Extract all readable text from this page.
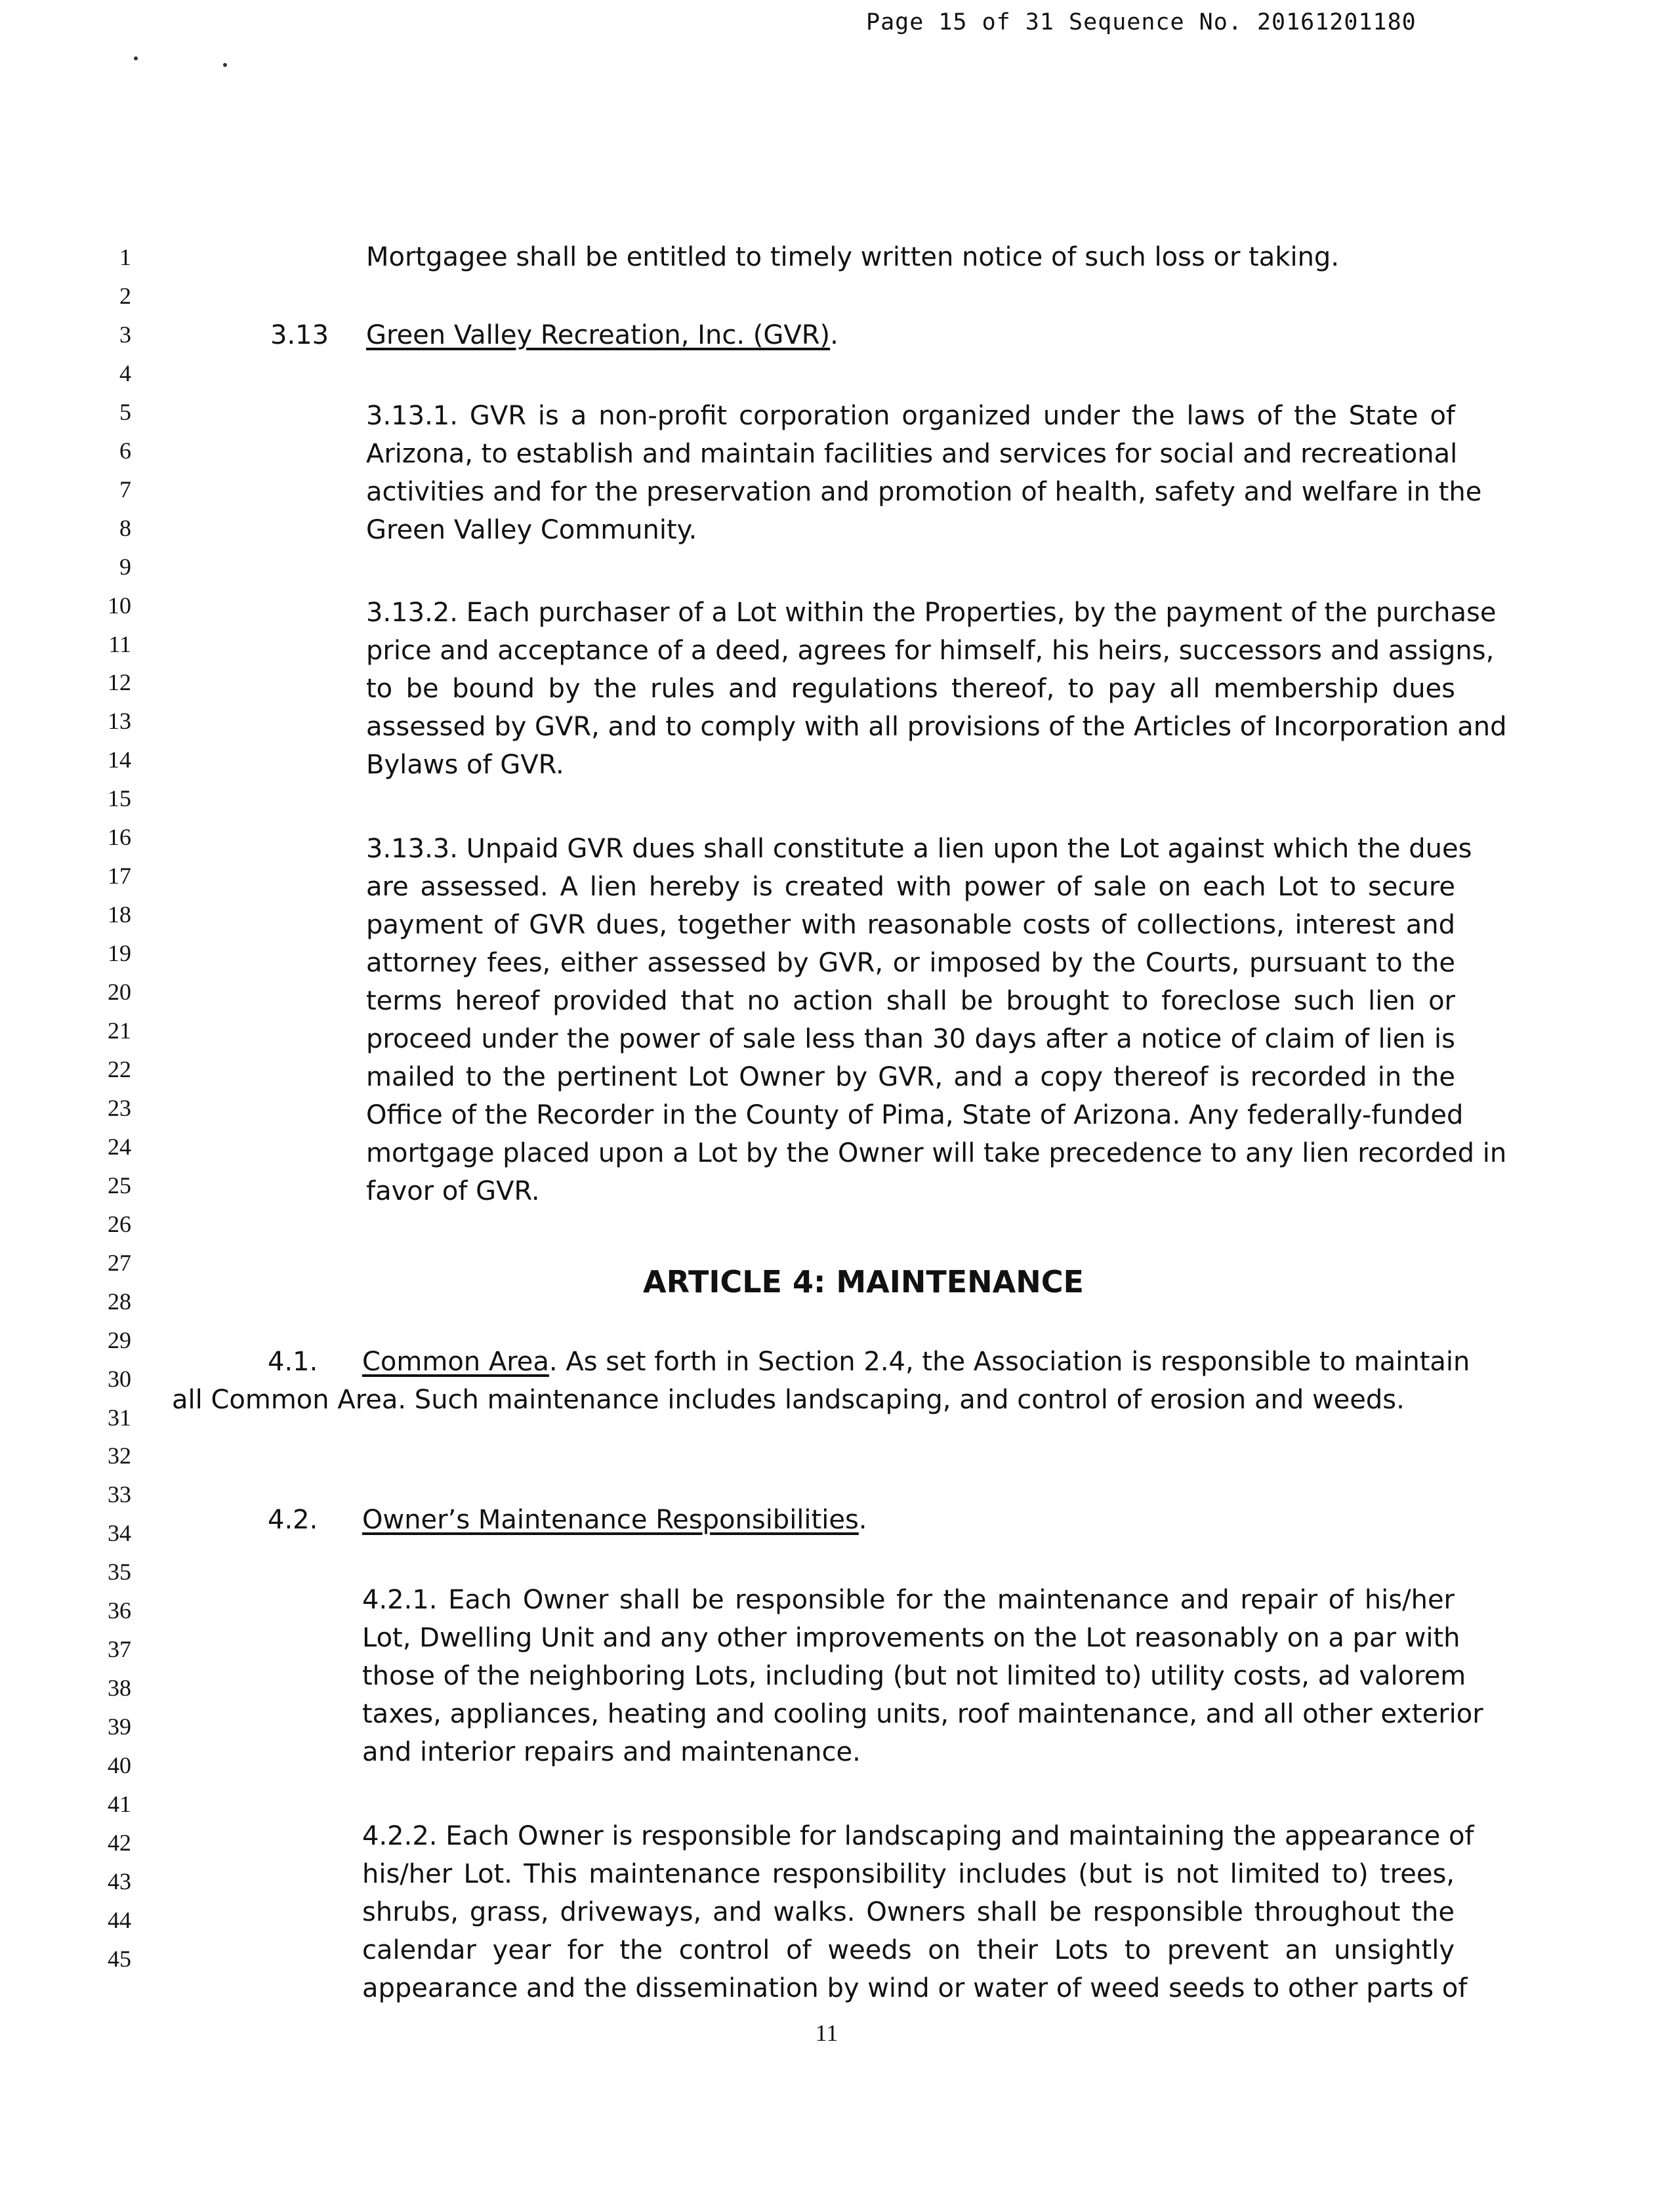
Page 15 of 31 Sequence No. 20161201180
1
2
3
4
5
6
7
8
9
10
11
12
13
14
15
16
17
18
19
20
21
22
23
24
25
26
27
28
29
30
31
32
33
34
35
36
37
38
39
40
41
42
43
44
45
Mortgagee shall be entitled to timely written notice of such loss or taking.
3.13 Green Valley Recreation, Inc. (GVR).
3.13.1. GVR is a non-profit corporation organized under the laws of the State of
Arizona, to establish and maintain facilities and services for social and recreational
activities and for the preservation and promotion of health, safety and welfare in the
Green Valley Community.
3.13.2. Each purchaser of a Lot within the Properties, by the payment of the purchase
price and acceptance of a deed, agrees for himself, his heirs, successors and assigns,
to be bound by the rules and regulations thereof, to pay all membership dues
assessed by GVR, and to comply with all provisions of the Articles of Incorporation and
Bylaws of GVR.
3.13.3. Unpaid GVR dues shall constitute a lien upon the Lot against which the dues
are assessed. A lien hereby is created with power of sale on each Lot to secure
payment of GVR dues, together with reasonable costs of collections, interest and
attorney fees, either assessed by GVR, or imposed by the Courts, pursuant to the
terms hereof provided that no action shall be brought to foreclose such lien or
proceed under the power of sale less than 30 days after a notice of claim of lien is
mailed to the pertinent Lot Owner by GVR, and a copy thereof is recorded in the
Office of the Recorder in the County of Pima, State of Arizona. Any federally-funded
mortgage placed upon a Lot by the Owner will take precedence to any lien recorded in
favor of GVR.
ARTICLE 4: MAINTENANCE
4.1. Common Area. As set forth in Section 2.4, the Association is responsible to maintain
all Common Area. Such maintenance includes landscaping, and control of erosion and weeds.
4.2. Owner’s Maintenance Responsibilities.
4.2.1. Each Owner shall be responsible for the maintenance and repair of his/her
Lot, Dwelling Unit and any other improvements on the Lot reasonably on a par with
those of the neighboring Lots, including (but not limited to) utility costs, ad valorem
taxes, appliances, heating and cooling units, roof maintenance, and all other exterior
and interior repairs and maintenance.
4.2.2. Each Owner is responsible for landscaping and maintaining the appearance of
his/her Lot. This maintenance responsibility includes (but is not limited to) trees,
shrubs, grass, driveways, and walks. Owners shall be responsible throughout the
calendar year for the control of weeds on their Lots to prevent an unsightly
appearance and the dissemination by wind or water of weed seeds to other parts of
11
